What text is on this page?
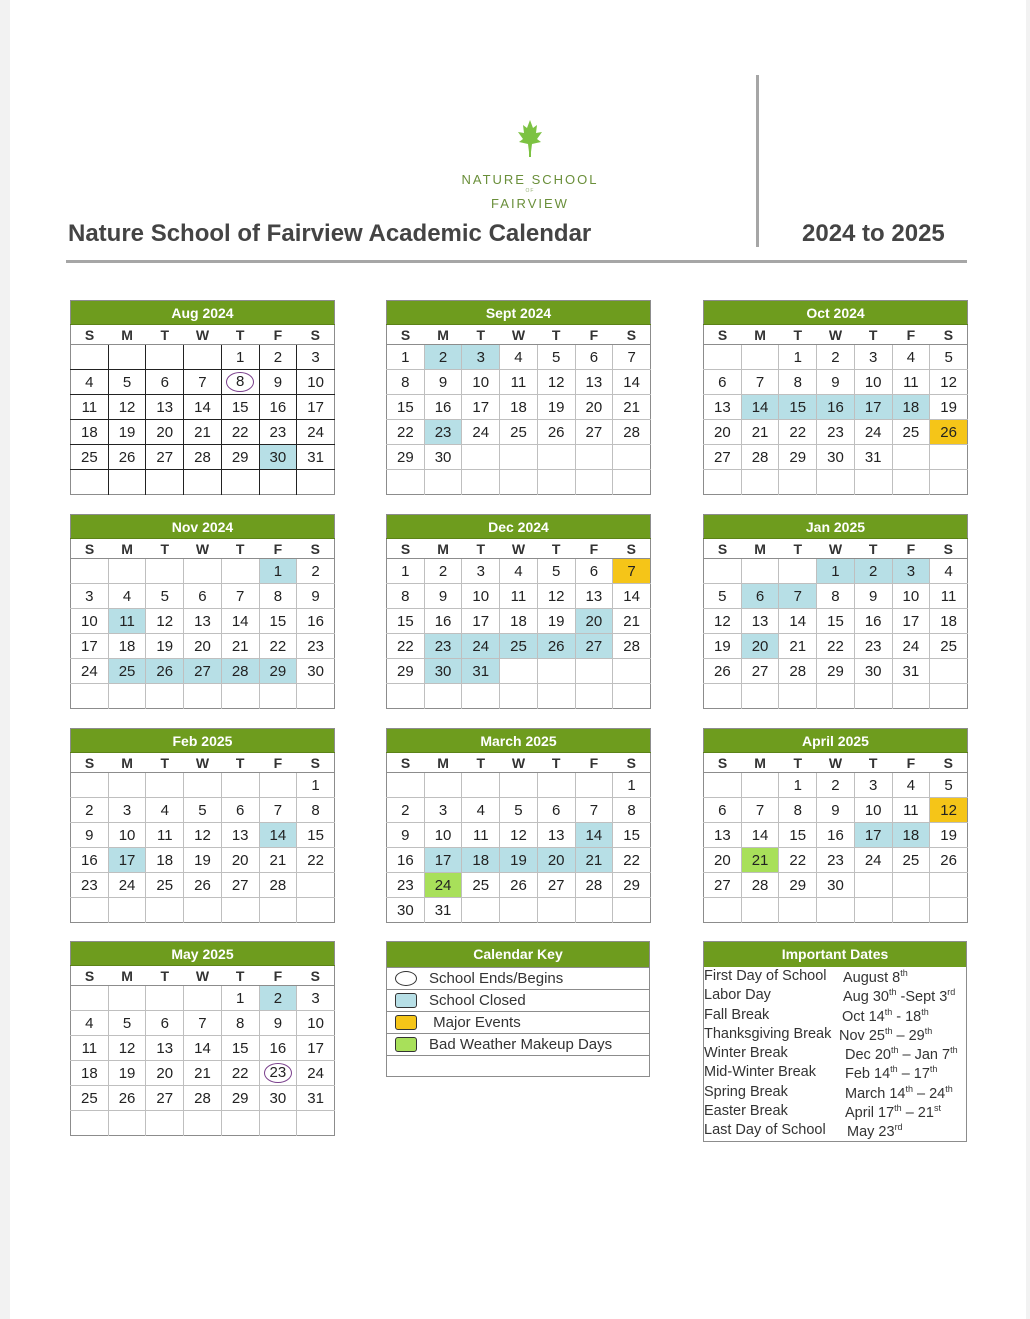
NATURE SCHOOL
OF
FAIRVIEW
Nature School of Fairview Academic Calendar	2024 to 2025
Aug 2024						
S	M	T	W	T	F	S
				1	2	3
4	5	6	7	8	9	10
11	12	13	14	15	16	17
18	19	20	21	22	23	24
25	26	27	28	29	30	31

Sept 2024						
S	M	T	W	T	F	S
1	2	3	4	5	6	7
8	9	10	11	12	13	14
15	16	17	18	19	20	21
22	23	24	25	26	27	28
29	30					

Oct 2024						
S	M	T	W	T	F	S
		1	2	3	4	5
6	7	8	9	10	11	12
13	14	15	16	17	18	19
20	21	22	23	24	25	26
27	28	29	30	31		

Nov 2024						
S	M	T	W	T	F	S
					1	2
3	4	5	6	7	8	9
10	11	12	13	14	15	16
17	18	19	20	21	22	23
24	25	26	27	28	29	30

Dec 2024						
S	M	T	W	T	F	S
1	2	3	4	5	6	7
8	9	10	11	12	13	14
15	16	17	18	19	20	21
22	23	24	25	26	27	28
29	30	31				

Jan 2025						
S	M	T	W	T	F	S
			1	2	3	4
5	6	7	8	9	10	11
12	13	14	15	16	17	18
19	20	21	22	23	24	25
26	27	28	29	30	31	

Feb 2025						
S	M	T	W	T	F	S
						1
2	3	4	5	6	7	8
9	10	11	12	13	14	15
16	17	18	19	20	21	22
23	24	25	26	27	28	

March 2025						
S	M	T	W	T	F	S
						1
2	3	4	5	6	7	8
9	10	11	12	13	14	15
16	17	18	19	20	21	22
23	24	25	26	27	28	29
30	31					
April 2025						
S	M	T	W	T	F	S
		1	2	3	4	5
6	7	8	9	10	11	12
13	14	15	16	17	18	19
20	21	22	23	24	25	26
27	28	29	30			

May 2025						
S	M	T	W	T	F	S
				1	2	3
4	5	6	7	8	9	10
11	12	13	14	15	16	17
18	19	20	21	22	23	24
25	26	27	28	29	30	31

Calendar Key
School Ends/Begins
School Closed
Major Events
Bad Weather Makeup Days
Important Dates
First Day of School August 8th
Labor Day	Aug 30th -Sept 3rd
Fall Break	Oct 14th - 18th
Thanksgiving Break Nov 25th – 29th
Winter Break	Dec 20th – Jan 7th
Mid-Winter Break Feb 14th – 17th
Spring Break	March 14th – 24th
Easter Break	April 17th – 21st
Last Day of School May 23rd
